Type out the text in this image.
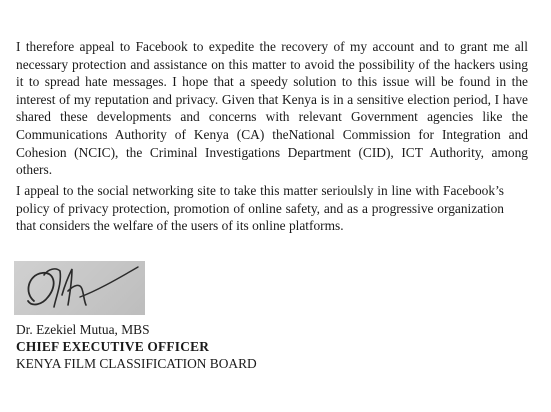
I therefore appeal to Facebook to expedite the recovery of my account and to grant me all necessary protection and assistance on this matter to avoid the possibility of the hackers using it to spread hate messages. I hope that a speedy solution to this issue will be found in the interest of my reputation and privacy. Given that Kenya is in a sensitive election period, I have shared these developments and concerns with relevant Government agencies like the Communications Authority of Kenya (CA) theNational Commission for Integration and Cohesion (NCIC), the Criminal Investigations Department (CID), ICT Authority, among others.

I appeal to the social networking site to take this matter serioulsly in line with Facebook’s policy of privacy protection, promotion of online safety, and as a progressive organization that considers the welfare of the users of its online platforms.

Dr. Ezekiel Mutua, MBS
CHIEF EXECUTIVE OFFICER
KENYA FILM CLASSIFICATION BOARD
